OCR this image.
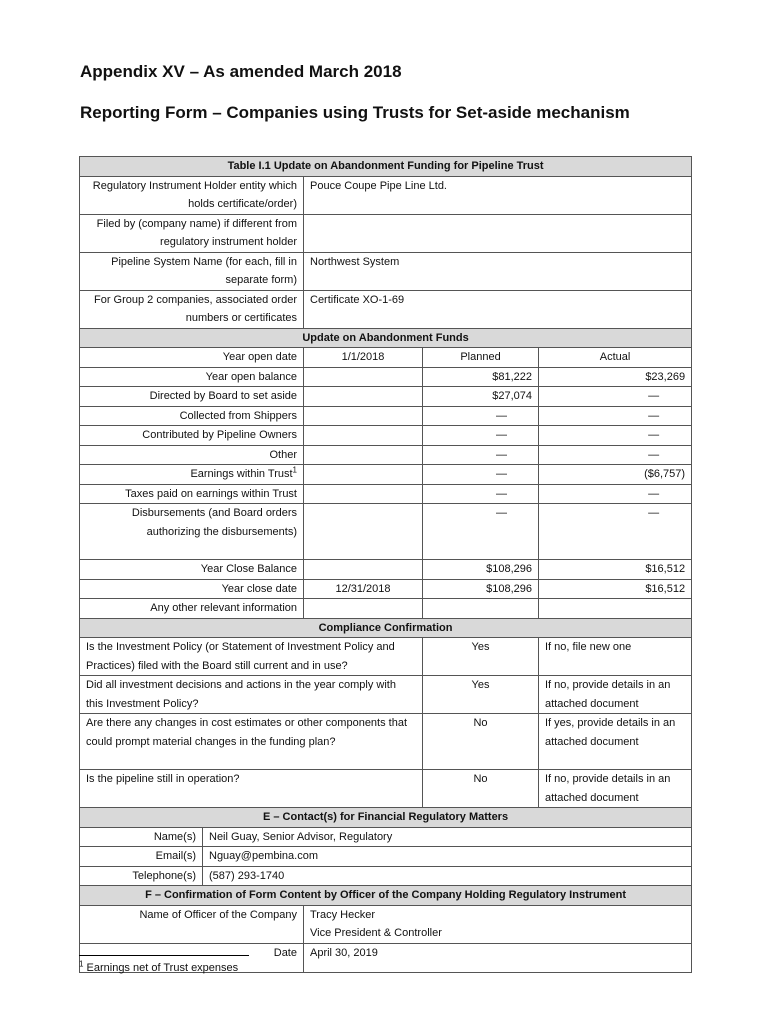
Appendix XV – As amended March 2018
Reporting Form – Companies using Trusts for Set-aside mechanism
Table I.1 Update on Abandonment Funding for Pipeline Trust				
Regulatory Instrument Holder entity which holds certificate/order)		Pouce Coupe Pipe Line Ltd.		
Filed by (company name) if different from regulatory instrument holder				
Pipeline System Name (for each, fill in separate form)		Northwest System		
For Group 2 companies, associated order numbers or certificates		Certificate XO-1-69		
Update on Abandonment Funds				
Year open date		1/1/2018	Planned	Actual
Year open balance			$81,222	$23,269
Directed by Board to set aside			$27,074	—
Collected from Shippers			—	—
Contributed by Pipeline Owners			—	—
Other			—	—
Earnings within Trust$^1$			—	($6,757)
Taxes paid on earnings within Trust			—	—
Disbursements (and Board orders authorizing the disbursements)			—	—
Year Close Balance			$108,296	$16,512
Year close date		12/31/2018	$108,296	$16,512
Any other relevant information				
Compliance Confirmation				
Is the Investment Policy (or Statement of Investment Policy and Practices) filed with the Board still current and in use?			Yes	If no, file new one
Did all investment decisions and actions in the year comply with this Investment Policy?			Yes	If no, provide details in an attached document
Are there any changes in cost estimates or other components that could prompt material changes in the funding plan?			No	If yes, provide details in an attached document
Is the pipeline still in operation?			No	If no, provide details in an attached document
E – Contact(s) for Financial Regulatory Matters				
Name(s)	Neil Guay, Senior Advisor, Regulatory			
Email(s)	Nguay@pembina.com			
Telephone(s)	(587) 293-1740			
F – Confirmation of Form Content by Officer of the Company Holding Regulatory Instrument				
Name of Officer of the Company		Tracy Hecker
Vice President & Controller		

Date		April 30, 2019		
$^1$ Earnings net of Trust expenses
